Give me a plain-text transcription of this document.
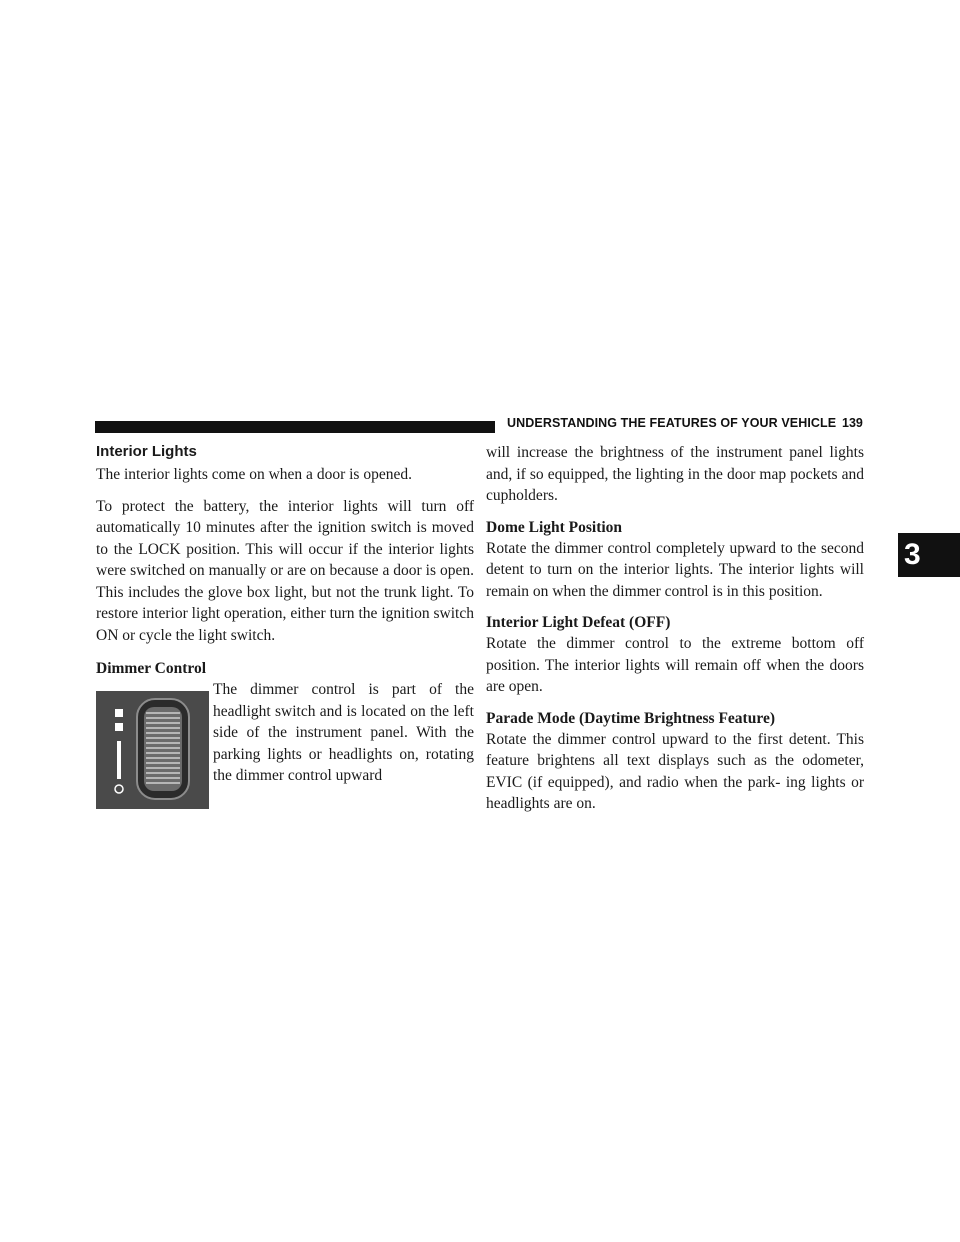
UNDERSTANDING THE FEATURES OF YOUR VEHICLE 139
3
Interior Lights

The interior lights come on when a door is opened.

To protect the battery, the interior lights will turn off automatically 10 minutes after the ignition switch is moved to the LOCK position. This will occur if the interior lights were switched on manually or are on because a door is open. This includes the glove box light, but not the trunk light. To restore interior light operation, either turn the ignition switch ON or cycle the light switch.

Dimmer Control

The dimmer control is part of the headlight switch and is located on the left side of the instrument panel. With the parking lights or headlights on, rotating the dimmer control upward

will increase the brightness of the instrument panel lights and, if so equipped, the lighting in the door map pockets and cupholders.

Dome Light Position

Rotate the dimmer control completely upward to the second detent to turn on the interior lights. The interior lights will remain on when the dimmer control is in this position.

Interior Light Defeat (OFF)

Rotate the dimmer control to the extreme bottom off position. The interior lights will remain off when the doors are open.

Parade Mode (Daytime Brightness Feature)

Rotate the dimmer control upward to the first detent. This feature brightens all text displays such as the odometer, EVIC (if equipped), and radio when the park- ing lights or headlights are on.
